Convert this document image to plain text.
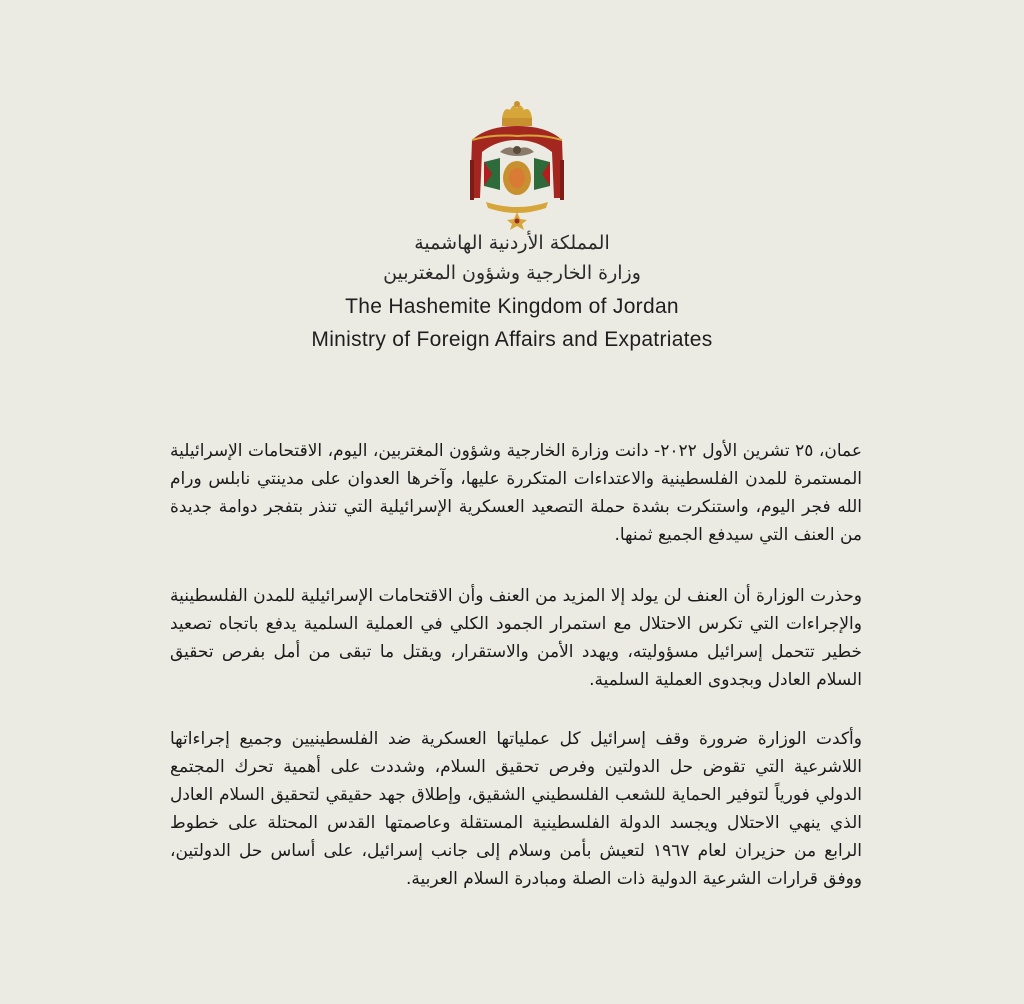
المملكة الأردنية الهاشمية
وزارة الخارجية وشؤون المغتربين
The Hashemite Kingdom of Jordan
Ministry of Foreign Affairs and Expatriates

عمان، ٢٥ تشرين الأول ٢٠٢٢- دانت وزارة الخارجية وشؤون المغتربين، اليوم، الاقتحامات الإسرائيلية المستمرة للمدن الفلسطينية والاعتداءات المتكررة عليها، وآخرها العدوان على مدينتي نابلس ورام الله فجر اليوم، واستنكرت بشدة حملة التصعيد العسكرية الإسرائيلية التي تنذر بتفجر دوامة جديدة من العنف التي سيدفع الجميع ثمنها.

وحذرت الوزارة أن العنف لن يولد إلا المزيد من العنف وأن الاقتحامات الإسرائيلية للمدن الفلسطينية والإجراءات التي تكرس الاحتلال مع استمرار الجمود الكلي في العملية السلمية يدفع باتجاه تصعيد خطير تتحمل إسرائيل مسؤوليته، ويهدد الأمن والاستقرار، ويقتل ما تبقى من أمل بفرص تحقيق السلام العادل وبجدوى العملية السلمية.

وأكدت الوزارة ضرورة وقف إسرائيل كل عملياتها العسكرية ضد الفلسطينيين وجميع إجراءاتها اللاشرعية التي تقوض حل الدولتين وفرص تحقيق السلام، وشددت على أهمية تحرك المجتمع الدولي فورياً لتوفير الحماية للشعب الفلسطيني الشقيق، وإطلاق جهد حقيقي لتحقيق السلام العادل الذي ينهي الاحتلال ويجسد الدولة الفلسطينية المستقلة وعاصمتها القدس المحتلة على خطوط الرابع من حزيران لعام ١٩٦٧ لتعيش بأمن وسلام إلى جانب إسرائيل، على أساس حل الدولتين، ووفق قرارات الشرعية الدولية ذات الصلة ومبادرة السلام العربية.
